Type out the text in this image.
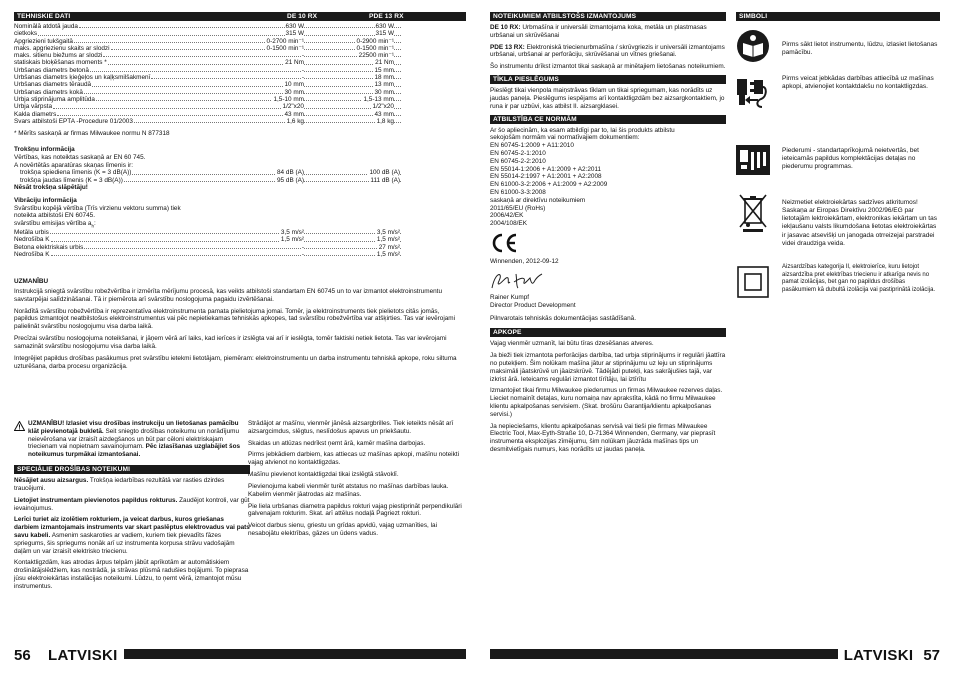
TEHNISKIE DATI	DE 10 RX	PDE 13 RX
Nominālā atdotā jauda	630 W	630 W
cietkoks	315 W	315 W
Apgriezieni tukšgaitā	0-2700 min⁻¹	0-2900 min⁻¹
maks. apgriezienu skaits ar slodzi	0-1500 min⁻¹	0-1500 min⁻¹
maks. sitienu biežums ar slodzi	-	22500 min⁻¹
statiskais bloķēšanas moments *	21 Nm	21 Nm
Urbšanas diametrs betonā	-	15 mm
Urbšanas diametrs ķieģeļos un kaļķsmilšakmenī	-	18 mm
Urbšanas diametrs tēraudā	10 mm	13 mm
Urbšanas diametrs kokā	30 mm	30 mm
Urbja stiprinājuma amplitūda	1,5-10 mm	1,5-13 mm
Urbja vārpsta	1/2"x20	1/2"x20
Kakla diametrs	43 mm	43 mm
Svars atbilstoši EPTA -Procedure 01/2003	1,6 kg	1,8 kg
* Mērīts saskaņā ar firmas Milwaukee normu N 877318
Trokšņu informācija
Vērtības, kas noteiktas saskaņā ar EN 60 745.
A novērtētās aparatūras skaņas līmenis ir:
trokšņa spiediena līmenis (K = 3 dB(A))	84 dB (A)	100 dB (A)
trokšņa jaudas līmenis (K = 3 dB(A))	95 dB (A)	111 dB (A)
Nēsāt trokšņa slāpētāju!
Vibrāciju informācija
Svārstību kopējā vērtība (Trīs virzienu vektoru summa) tiek
noteikta atbilstoši EN 60745.
svārstību emisijas vērtība $a_h$:
Metāla urbis	3,5 m/s²	3,5 m/s²
Nedrošība K	1,5 m/s²	1,5 m/s²
Betona elektriskais urbis	-	27 m/s²
Nedrošība K	-	1,5 m/s²
UZMANĪBU
Instrukcijā sniegtā svārstību robežvērtība ir izmērīta mērījumu procesā, kas veikts atbilstoši standartam EN 60745 un to var izmantot elektroinstrumentu savstarpējai salīdzināšanai. Tā ir piemērota arī svārstību noslogojuma pagaidu izvērtēšanai.
Norādītā svārstību robežvērtība ir reprezentatīva elektroinstrumenta pamata pielietojuma jomai. Tomēr, ja elektroinstruments tiek pielietots citās jomās, papildus izmantojot neatbilstošus elektroinstrumentus vai pēc nepietiekamas tehniskās apkopes, tad svārstību robežvērtība var atšķirties. Tas var ievērojami palielināt svārstību noslogojumu visa darba laikā.
Precīzai svārstību noslogojuma noteikšanai, ir jāņem vērā arī laiks, kad ierīces ir izslēgta vai arī ir ieslēgta, tomēr faktiski netiek lietota. Tas var ievērojami samazināt svārstību noslogojumu visa darba laikā.
Integrējiet papildus drošības pasākumus pret svārstību ietekmi lietotājam, piemēram: elektroinstrumentu un darba instrumentu tehniskā apkope, roku siltuma uzturēšana, darba procesu organizācija.
UZMANĪBU! Izlasiet visu drošības instrukciju un lietošanas pamācību klāt pievienotajā bukletā. Seit sniegto drošības noteikumu un norādījumu neievērošana var izraisīt aizdegšanos un būt par cēloni elektriskajam triecienam vai nopietnam savainojumam. Pēc izlasīšanas uzglabājiet šos noteikumus turpmākai izmantošanai.
SPECIĀLIE DROŠĪBAS NOTEIKUMI
Nēsājiet ausu aizsargus. Trokšņa iedarbības rezultātā var rasties dzirdes traucējumi.
Lietojiet instrumentam pievienotos papildus rokturus. Zaudējot kontroli, var gūt ievainojumus.
Lerīci turiet aiz izolētiem rokturiem, ja veicat darbus, kuros griešanas darbiem izmantojamais instruments var skart paslēptus elektrovadus vai pats savu kabeli. Asmenim saskaroties ar vadiem, kuriem tiek pievadīts fāzes spriegums, šis spriegums nonāk arī uz instrumenta korpusa strāvu vadošajām daļām un var izraisīt elektrisko triecienu.
Kontaktligzdām, kas atrodas ārpus telpām jābūt aprīkotām ar automātiskiem drošinātājslēdžiem, kas nostrādā, ja strāvas plūsmā radušies bojājumi. To pieprasa jūsu elektroiekārtas instalācijas noteikumi. Lūdzu, to ņemt vērā, izmantojot mūsu instrumentus.
Strādājot ar mašīnu, vienmēr jānēsā aizsargbrilles. Tiek ieteikts nēsāt arī aizsargcimdus, slēgtus, neslīdošus apavus un priekšautu.
Skaidas un atlūzas nedrīkst ņemt ārā, kamēr mašīna darbojas.
Pirms jebkādiem darbiem, kas attiecas uz mašīnas apkopi, mašīnu noteikti vajag atvienot no kontaktligzdas.
Mašīnu pievienot kontaktligzdai tikai izslēgtā stāvoklī.
Pievienojuma kabeli vienmēr turēt atstatus no mašīnas darbības lauka. Kabelim vienmēr jāatrodas aiz mašīnas.
Pie liela urbšanas diametra papildus rokturi vajag piestiprināt perpendikulāri galvenajam rokturim. Skat. arī attēlus nodaļā Pagriezt rokturi.
Veicot darbus sienu, griestu un grīdas apvidū, vajag uzmanīties, lai nesabojātu elektrības, gāzes un ūdens vadus.
56	LATVISKI
NOTEIKUMIEM ATBILSTOŠS IZMANTOJUMS
DE 10 RX: Urbmašīna ir universāli izmantojama koka, metāla un plastmasas urbšanai un skrūvēšanai
PDE 13 RX: Elektroniskā triecienurbmašīna / skrūvgriezis ir universāli izmantojams urbšanai, urbšanai ar perforāciju, skrūvēšanai un vītnes griešanai.
Šo instrumentu drīkst izmantot tikai saskaņā ar minētajiem lietošanas noteikumiem.
TĪKLA PIESLĒGUMS
Pieslēgt tikai vienpola maiņstrāvas tīklam un tikai spriegumam, kas norādīts uz jaudas paneļa. Pieslēgums iespējams arī kontaktligzdām bez aizsargkontaktiem, jo runa ir par uzbūvi, kas atbilst II. aizsargklasei.
ATBILSTĪBA CE NORMĀM
Ar šo apliecinām, ka esam atbildīgi par to, lai šis produkts atbilstu
sekojošām normām vai normatīvajiem dokumentiem:
EN 60745-1:2009 + A11:2010
EN 60745-2-1:2010
EN 60745-2-2:2010
EN 55014-1:2006 + A1:2009 + A2:2011
EN 55014-2:1997 + A1:2001 + A2:2008
EN 61000-3-2:2006 + A1:2009 + A2:2009
EN 61000-3-3:2008
saskaņā ar direktīvu noteikumiem
2011/65/EU (RoHs)
2006/42/EK
2004/108/EK
Winnenden, 2012-09-12
Rainer Kumpf
Director Product Development
Pilnvarotais tehniskās dokumentācijas sastādīšanā.
APKOPE
Vajag vienmēr uzmanīt, lai būtu tīras dzesēšanas atveres.
Ja bieži tiek izmantota perforācijas darbība, tad urbja stiprinājums ir regulāri jāattīra no putekļiem. Šim nolūkam mašīna jātur ar stiprinājumu uz leju un stiprinājums maksimāli jāatskrūvē un jāaizskrūvē. Tādējādi putekļi, kas sakrājušies tajā, var izkrist ārā. Ieteicams regulāri izmantot tīrītāju, lai iztīrītu
Izmantojiet tikai firmu Milwaukee piederumus un firmas Milwaukee rezerves daļas. Lieciet nomainīt detaļas, kuru nomaiņa nav aprakstīta, kādā no firmu Milwaukee klientu apkalpošanas servisiem. (Skat. brošūru Garantija/klientu apkalpošanas servisi.)
Ja nepieciešams, klientu apkalpošanas servisā vai tieši pie firmas Milwaukee Electric Tool, Max-Eyth-Straße 10, D-71364 Winnenden, Germany, var pieprasīt instrumenta eksplozijas zīmējumu, šim nolūkam jāuzrāda mašīnas tips un desmitvietīgais numurs, kas norādīts uz jaudas paneļa.
SIMBOLI
Pirms sākt lietot instrumentu, lūdzu, izlasiet lietošanas pamācību.
Pirms veicat jebkādas darbības attiecībā uz mašīnas apkopi, atvienojiet kontaktdakšu no kontaktligzdas.
Piederumi - standartaprīkojumā neietvertās, bet ieteicamās papildus komplektācijas detaļas no piederumu programmas.
Neizmetiet elektroiekārtas sadzīves atkritumos! Saskaņa ar Eiropas Direktīvu 2002/96/EG par lietotajām lektroiekārtam, elektronikas iekārtam un tas iekļaušanu valsts likumdošana lietotas elektroiekārtas ir jasavac atsevišķi un janogada otrreizejai parstradei videi draudziga veida.
Aizsardzības kategorija II, elektroierīce, kuru lietojot aizsardzība pret elektrības triecienu ir atkarīga nevis no pamat izolācijas, bet gan no papildus drošības pasākumiem kā dubultā izolācija vai pastiprinātā izolācija.
LATVISKI 57
